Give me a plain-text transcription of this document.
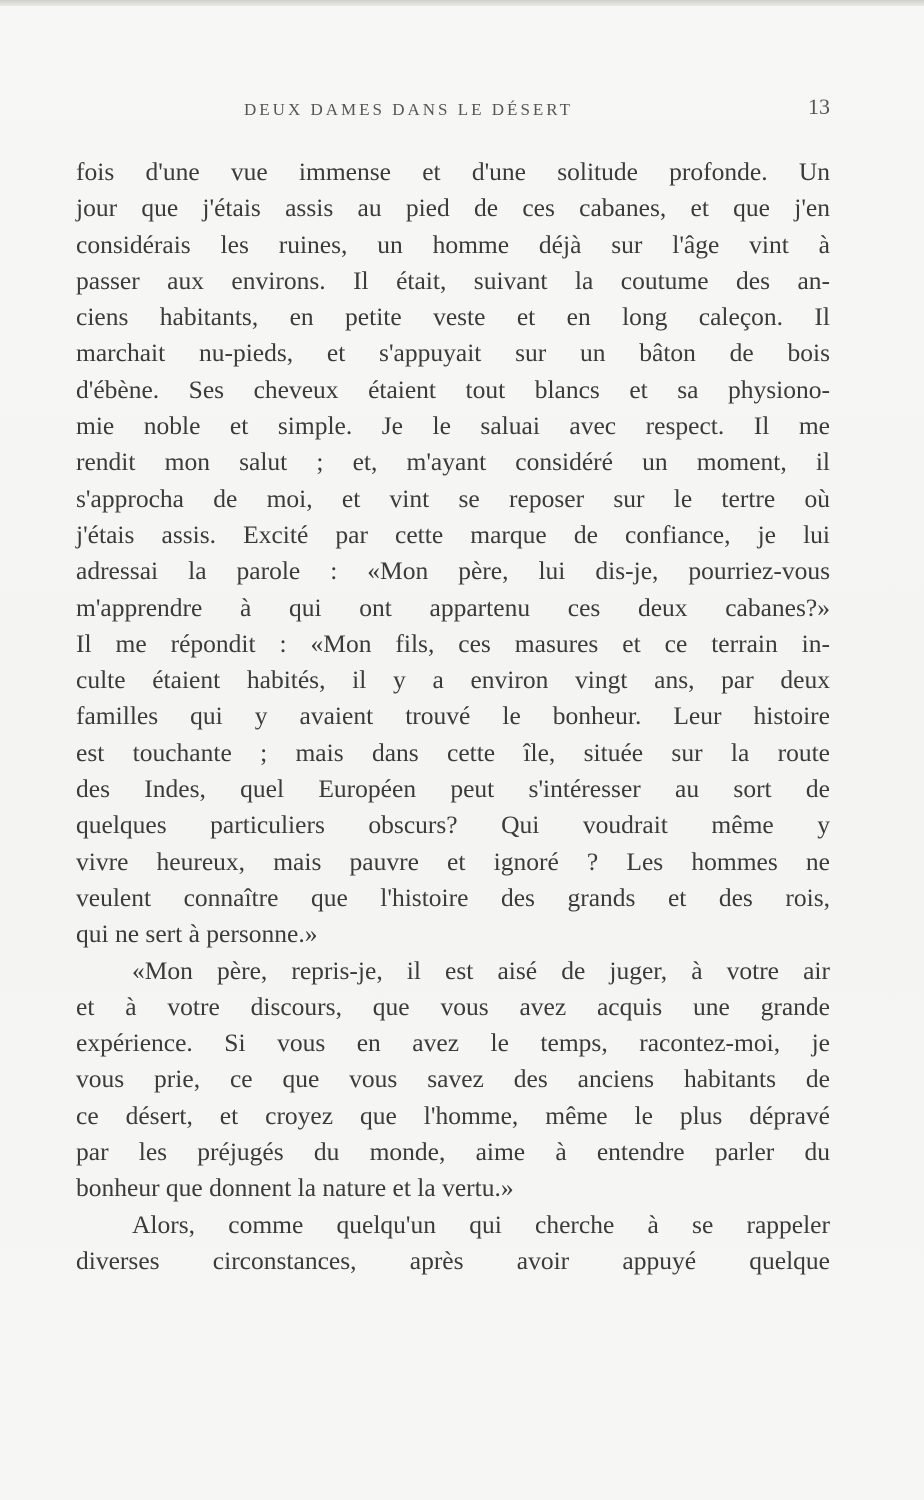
DEUX DAMES DANS LE DÉSERT	13
fois d'une vue immense et d'une solitude profonde. Un
jour que j'étais assis au pied de ces cabanes, et que j'en
considérais les ruines, un homme déjà sur l'âge vint à
passer aux environs. Il était, suivant la coutume des an-
ciens habitants, en petite veste et en long caleçon. Il
marchait nu-pieds, et s'appuyait sur un bâton de bois
d'ébène. Ses cheveux étaient tout blancs et sa physiono-
mie noble et simple. Je le saluai avec respect. Il me
rendit mon salut ; et, m'ayant considéré un moment, il
s'approcha de moi, et vint se reposer sur le tertre où
j'étais assis. Excité par cette marque de confiance, je lui
adressai la parole : «Mon père, lui dis-je, pourriez-vous
m'apprendre à qui ont appartenu ces deux cabanes?»
Il me répondit : «Mon fils, ces masures et ce terrain in-
culte étaient habités, il y a environ vingt ans, par deux
familles qui y avaient trouvé le bonheur. Leur histoire
est touchante ; mais dans cette île, située sur la route
des Indes, quel Européen peut s'intéresser au sort de
quelques particuliers obscurs? Qui voudrait même y
vivre heureux, mais pauvre et ignoré ? Les hommes ne
veulent connaître que l'histoire des grands et des rois,
qui ne sert à personne.»
«Mon père, repris-je, il est aisé de juger, à votre air
et à votre discours, que vous avez acquis une grande
expérience. Si vous en avez le temps, racontez-moi, je
vous prie, ce que vous savez des anciens habitants de
ce désert, et croyez que l'homme, même le plus dépravé
par les préjugés du monde, aime à entendre parler du
bonheur que donnent la nature et la vertu.»
Alors, comme quelqu'un qui cherche à se rappeler
diverses circonstances, après avoir appuyé quelque
